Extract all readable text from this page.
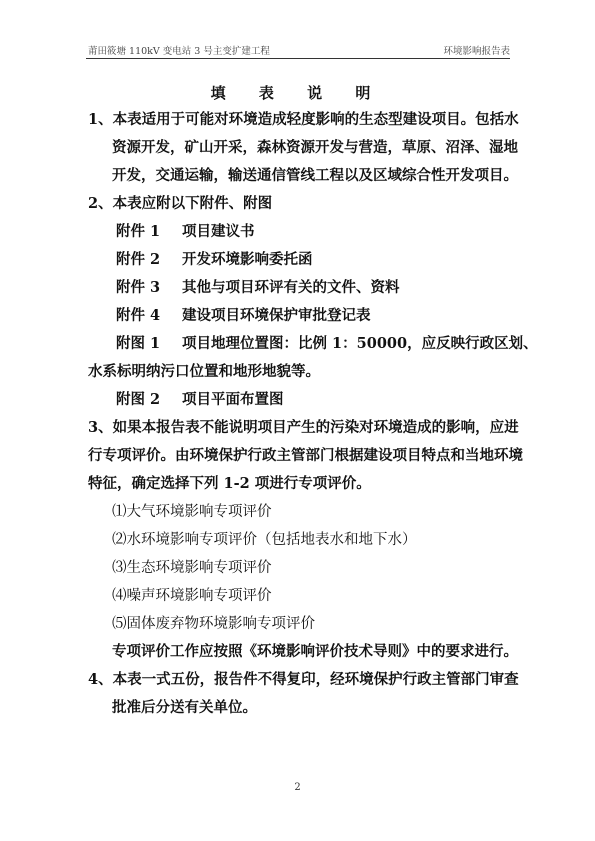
莆田筱塘 110kV 变电站 3 号主变扩建工程	环境影响报告表
填 表 说 明
1、本表适用于可能对环境造成轻度影响的生态型建设项目。包括水
资源开发，矿山开采，森林资源开发与营造，草原、沼泽、湿地
开发，交通运输，输送通信管线工程以及区域综合性开发项目。
2、本表应附以下附件、附图
附件 1 项目建议书
附件 2 开发环境影响委托函
附件 3 其他与项目环评有关的文件、资料
附件 4 建设项目环境保护审批登记表
附图 1 项目地理位置图：比例 1：50000，应反映行政区划、
水系标明纳污口位置和地形地貌等。
附图 2 项目平面布置图
3、如果本报告表不能说明项目产生的污染对环境造成的影响，应进
行专项评价。由环境保护行政主管部门根据建设项目特点和当地环境
特征，确定选择下列 1-2 项进行专项评价。
⑴大气环境影响专项评价
⑵水环境影响专项评价（包括地表水和地下水）
⑶生态环境影响专项评价
⑷噪声环境影响专项评价
⑸固体废弃物环境影响专项评价
专项评价工作应按照《环境影响评价技术导则》中的要求进行。
4、本表一式五份，报告件不得复印，经环境保护行政主管部门审查
批准后分送有关单位。
2
